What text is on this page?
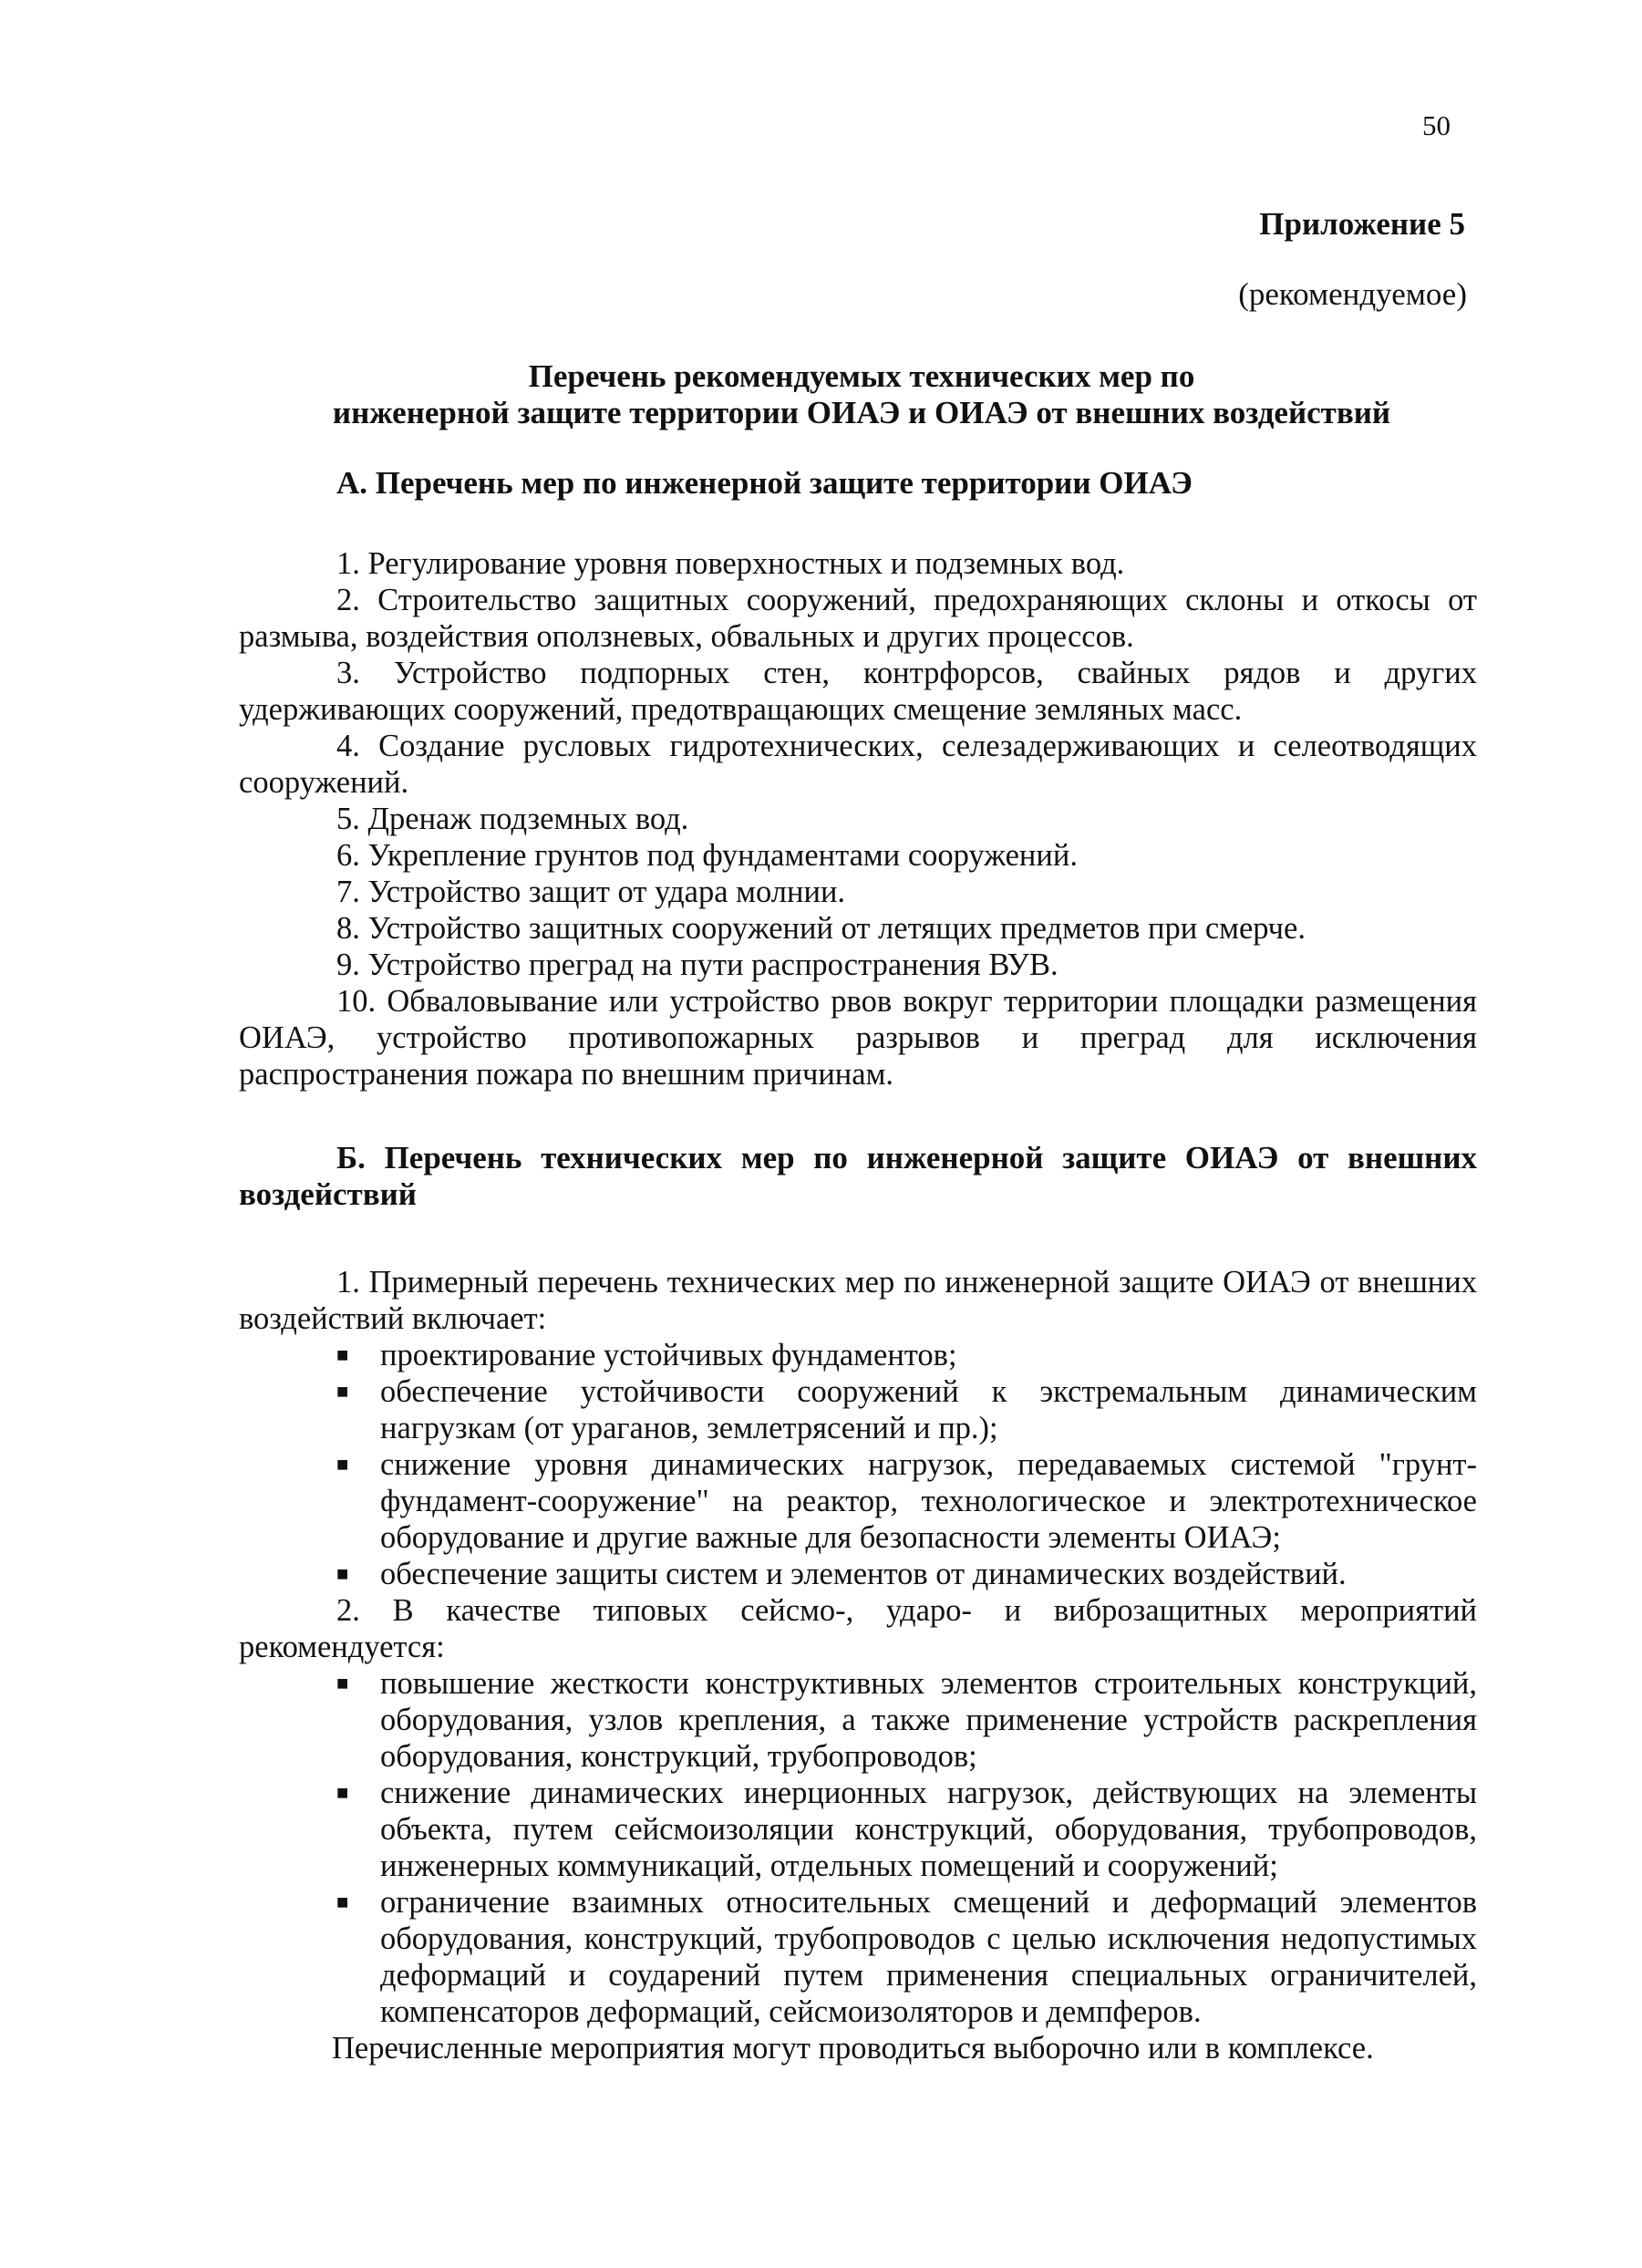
50
Приложение 5
(рекомендуемое)
Перечень рекомендуемых технических мер по
инженерной защите территории ОИАЭ и ОИАЭ от внешних воздействий
А. Перечень мер по инженерной защите территории ОИАЭ

1. Регулирование уровня поверхностных и подземных вод.

2. Строительство защитных сооружений, предохраняющих склоны и откосы от размыва, воздействия оползневых, обвальных и других процессов.

3. Устройство подпорных стен, контрфорсов, свайных рядов и других удерживающих сооружений, предотвращающих смещение земляных масс.

4. Создание русловых гидротехнических, селезадерживающих и селеотводящих сооружений.

5. Дренаж подземных вод.

6. Укрепление грунтов под фундаментами сооружений.

7. Устройство защит от удара молнии.

8. Устройство защитных сооружений от летящих предметов при смерче.

9. Устройство преград на пути распространения ВУВ.

10. Обваловывание или устройство рвов вокруг территории площадки размещения ОИАЭ, устройство противопожарных разрывов и преград для исключения распространения пожара по внешним причинам.

Б. Перечень технических мер по инженерной защите ОИАЭ от внешних воздействий

1. Примерный перечень технических мер по инженерной защите ОИАЭ от внешних воздействий включает:

■ проектирование устойчивых фундаментов;
■ обеспечение устойчивости сооружений к экстремальным динамическим нагрузкам (от ураганов, землетрясений и пр.);
■ снижение уровня динамических нагрузок, передаваемых системой "грунт-фундамент-сооружение" на реактор, технологическое и электротехническое оборудование и другие важные для безопасности элементы ОИАЭ;
■ обеспечение защиты систем и элементов от динамических воздействий.

2. В качестве типовых сейсмо-, ударо- и виброзащитных мероприятий рекомендуется:

■ повышение жесткости конструктивных элементов строительных конструкций, оборудования, узлов крепления, а также применение устройств раскрепления оборудования, конструкций, трубопроводов;
■ снижение динамических инерционных нагрузок, действующих на элементы объекта, путем сейсмоизоляции конструкций, оборудования, трубопроводов, инженерных коммуникаций, отдельных помещений и сооружений;
■ ограничение взаимных относительных смещений и деформаций элементов оборудования, конструкций, трубопроводов с целью исключения недопустимых деформаций и соударений путем применения специальных ограничителей, компенсаторов деформаций, сейсмоизоляторов и демпферов.

Перечисленные мероприятия могут проводиться выборочно или в комплексе.
